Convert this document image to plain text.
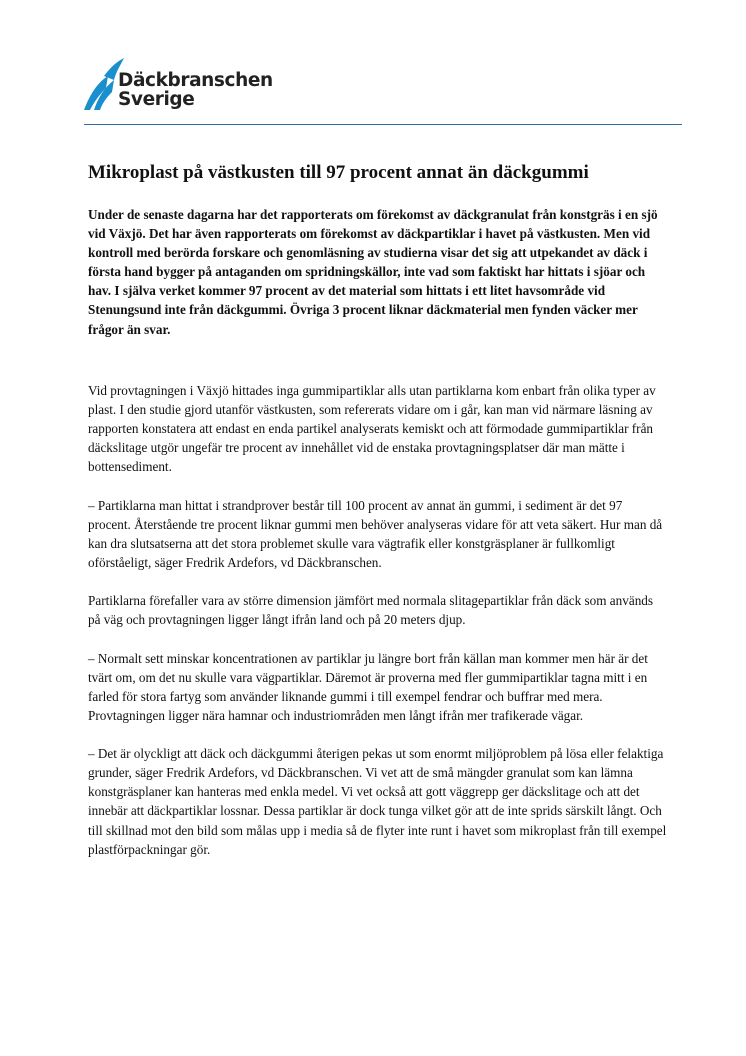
Däckbranschen
Sverige
Mikroplast på västkusten till 97 procent annat än däckgummi

Under de senaste dagarna har det rapporterats om förekomst av däckgranulat från konstgräs i en sjö vid Växjö. Det har även rapporterats om förekomst av däckpartiklar i havet på västkusten. Men vid kontroll med berörda forskare och genomläsning av studierna visar det sig att utpekandet av däck i första hand bygger på antaganden om spridningskällor, inte vad som faktiskt har hittats i sjöar och hav. I själva verket kommer 97 procent av det material som hittats i ett litet havsområde vid Stenungsund inte från däckgummi. Övriga 3 procent liknar däckmaterial men fynden väcker mer frågor än svar.

Vid provtagningen i Växjö hittades inga gummipartiklar alls utan partiklarna kom enbart från olika typer av plast. I den studie gjord utanför västkusten, som refererats vidare om i går, kan man vid närmare läsning av rapporten konstatera att endast en enda partikel analyserats kemiskt och att förmodade gummipartiklar från däckslitage utgör ungefär tre procent av innehållet vid de enstaka provtagningsplatser där man mätte i bottensediment.

– Partiklarna man hittat i strandprover består till 100 procent av annat än gummi, i sediment är det 97 procent. Återstående tre procent liknar gummi men behöver analyseras vidare för att veta säkert. Hur man då kan dra slutsatserna att det stora problemet skulle vara vägtrafik eller konstgräsplaner är fullkomligt oförståeligt, säger Fredrik Ardefors, vd Däckbranschen.

Partiklarna förefaller vara av större dimension jämfört med normala slitagepartiklar från däck som används på väg och provtagningen ligger långt ifrån land och på 20 meters djup.

– Normalt sett minskar koncentrationen av partiklar ju längre bort från källan man kommer men här är det tvärt om, om det nu skulle vara vägpartiklar. Däremot är proverna med fler gummipartiklar tagna mitt i en farled för stora fartyg som använder liknande gummi i till exempel fendrar och buffrar med mera. Provtagningen ligger nära hamnar och industriområden men långt ifrån mer trafikerade vägar.

– Det är olyckligt att däck och däckgummi återigen pekas ut som enormt miljöproblem på lösa eller felaktiga grunder, säger Fredrik Ardefors, vd Däckbranschen. Vi vet att de små mängder granulat som kan lämna konstgräsplaner kan hanteras med enkla medel. Vi vet också att gott väggrepp ger däckslitage och att det innebär att däckpartiklar lossnar. Dessa partiklar är dock tunga vilket gör att de inte sprids särskilt långt. Och till skillnad mot den bild som målas upp i media så de flyter inte runt i havet som mikroplast från till exempel plastförpackningar gör.
